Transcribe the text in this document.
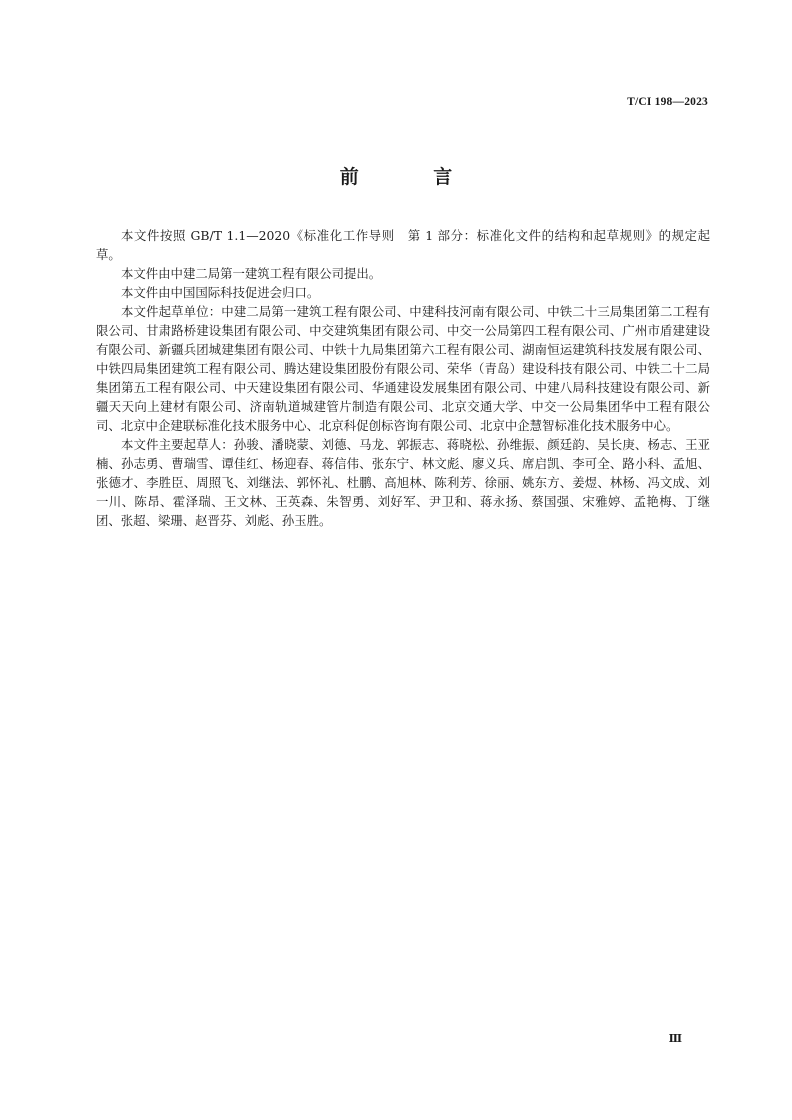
T/CI 198—2023
前 言

本文件按照 GB/T 1.1—2020《标准化工作导则　第 1 部分：标准化文件的结构和起草规则》的规定起草。

本文件由中建二局第一建筑工程有限公司提出。

本文件由中国国际科技促进会归口。

本文件起草单位：中建二局第一建筑工程有限公司、中建科技河南有限公司、中铁二十三局集团第二工程有限公司、甘肃路桥建设集团有限公司、中交建筑集团有限公司、中交一公局第四工程有限公司、广州市盾建建设有限公司、新疆兵团城建集团有限公司、中铁十九局集团第六工程有限公司、湖南恒运建筑科技发展有限公司、中铁四局集团建筑工程有限公司、腾达建设集团股份有限公司、荣华（青岛）建设科技有限公司、中铁二十二局集团第五工程有限公司、中天建设集团有限公司、华通建设发展集团有限公司、中建八局科技建设有限公司、新疆天天向上建材有限公司、济南轨道城建管片制造有限公司、北京交通大学、中交一公局集团华中工程有限公司、北京中企建联标准化技术服务中心、北京科促创标咨询有限公司、北京中企慧智标准化技术服务中心。

本文件主要起草人：孙骏、潘晓蒙、刘德、马龙、郭振志、蒋晓松、孙维振、颜廷韵、吴长庚、杨志、王亚楠、孙志勇、曹瑞雪、谭佳红、杨迎春、蒋信伟、张东宁、林文彪、廖义兵、席启凯、李可全、路小科、孟旭、张德才、李胜臣、周照飞、刘继法、郭怀礼、杜鹏、高旭林、陈利芳、徐丽、姚东方、姜煜、林杨、冯文成、刘一川、陈昂、霍泽瑞、王文林、王英森、朱智勇、刘好军、尹卫和、蒋永扬、蔡国强、宋雅婷、孟艳梅、丁继团、张超、梁珊、赵晋芬、刘彪、孙玉胜。

Ⅲ
